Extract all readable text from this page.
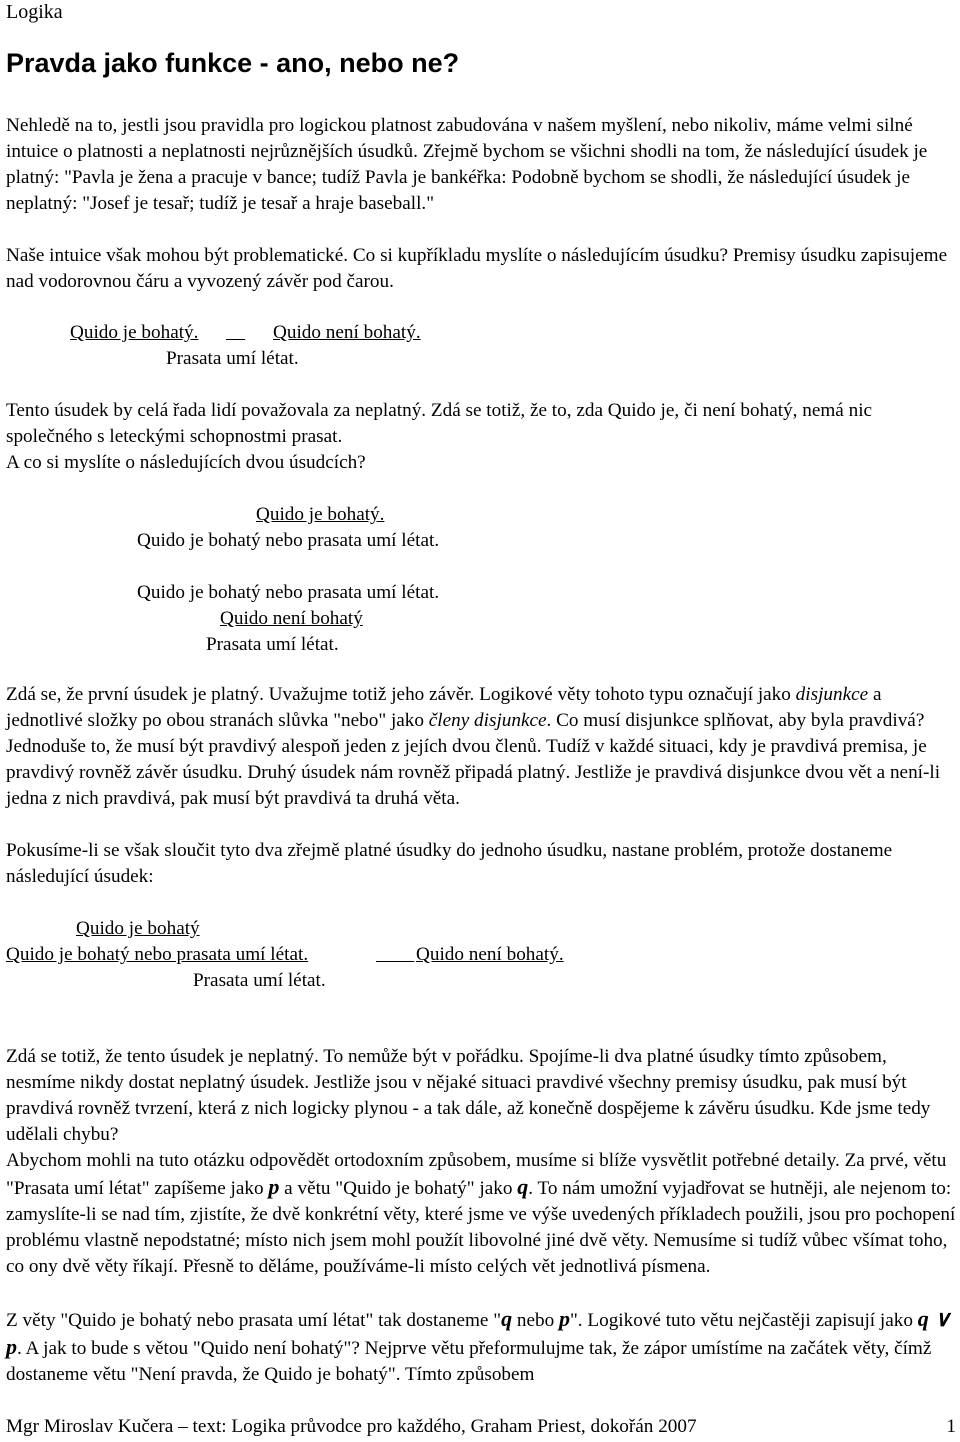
Logika
Pravda jako funkce - ano, nebo ne?

Nehledě na to, jestli jsou pravidla pro logickou platnost zabudována v našem myšlení, nebo nikoliv, máme velmi silné intuice o platnosti a neplatnosti nejrůznějších úsudků. Zřejmě bychom se všichni shodli na tom, že následující úsudek je platný: "Pavla je žena a pracuje v bance; tudíž Pavla je bankéřka: Podobně bychom se shodli, že následující úsudek je neplatný: "Josef je tesař; tudíž je tesař a hraje baseball."

Naše intuice však mohou být problematické. Co si kupříkladu myslíte o následujícím úsudku? Premisy úsudku zapisujeme nad vodorovnou čáru a vyvozený závěr pod čarou.

Quido je bohatý.
	Quido není bohatý.
Prasata umí létat.

Tento úsudek by celá řada lidí považovala za neplatný. Zdá se totiž, že to, zda Quido je, či není bohatý, nemá nic společného s leteckými schopnostmi prasat.

A co si myslíte o následujících dvou úsudcích?

Quido je bohatý.
Quido je bohatý nebo prasata umí létat.
Quido je bohatý nebo prasata umí létat.
Quido není bohatý
Prasata umí létat.

Zdá se, že první úsudek je platný. Uvažujme totiž jeho závěr. Logikové věty tohoto typu označují jako disjunkce a jednotlivé složky po obou stranách slůvka "nebo" jako členy disjunkce. Co musí disjunkce splňovat, aby byla pravdivá? Jednoduše to, že musí být pravdivý alespoň jeden z jejích dvou členů. Tudíž v každé situaci, kdy je pravdivá premisa, je pravdivý rovněž závěr úsudku. Druhý úsudek nám rovněž připadá platný. Jestliže je pravdivá disjunkce dvou vět a není-li jedna z nich pravdivá, pak musí být pravdivá ta druhá věta.

Pokusíme-li se však sloučit tyto dva zřejmě platné úsudky do jednoho úsudku, nastane problém, protože dostaneme následující úsudek:

Quido je bohatý
Quido je bohatý nebo prasata umí létat.
	Quido není bohatý.
Prasata umí létat.

Zdá se totiž, že tento úsudek je neplatný. To nemůže být v pořádku. Spojíme-li dva platné úsudky tímto způsobem, nesmíme nikdy dostat neplatný úsudek. Jestliže jsou v nějaké situaci pravdivé všechny premisy úsudku, pak musí být pravdivá rovněž tvrzení, která z nich logicky plynou - a tak dále, až konečně dospějeme k závěru úsudku. Kde jsme tedy udělali chybu?

Abychom mohli na tuto otázku odpovědět ortodoxním způsobem, musíme si blíže vysvětlit potřebné detaily. Za prvé, větu "Prasata umí létat" zapíšeme jako p a větu "Quido je bohatý" jako q. To nám umožní vyjadřovat se hutněji, ale nejenom to: zamyslíte-li se nad tím, zjistíte, že dvě konkrétní věty, které jsme ve výše uvedených příkladech použili, jsou pro pochopení problému vlastně nepodstatné; místo nich jsem mohl použít libovolné jiné dvě věty. Nemusíme si tudíž vůbec všímat toho, co ony dvě věty říkají. Přesně to děláme, používáme-li místo celých vět jednotlivá písmena.

Z věty "Quido je bohatý nebo prasata umí létat" tak dostaneme "q nebo p". Logikové tuto větu nejčastěji zapisují jako q ∨ p. A jak to bude s větou "Quido není bohatý"? Nejprve větu přeformulujme tak, že zápor umístíme na začátek věty, čímž dostaneme větu "Není pravda, že Quido je bohatý". Tímto způsobem

Mgr Miroslav Kučera – text: Logika průvodce pro každého, Graham Priest, dokořán 2007	1
